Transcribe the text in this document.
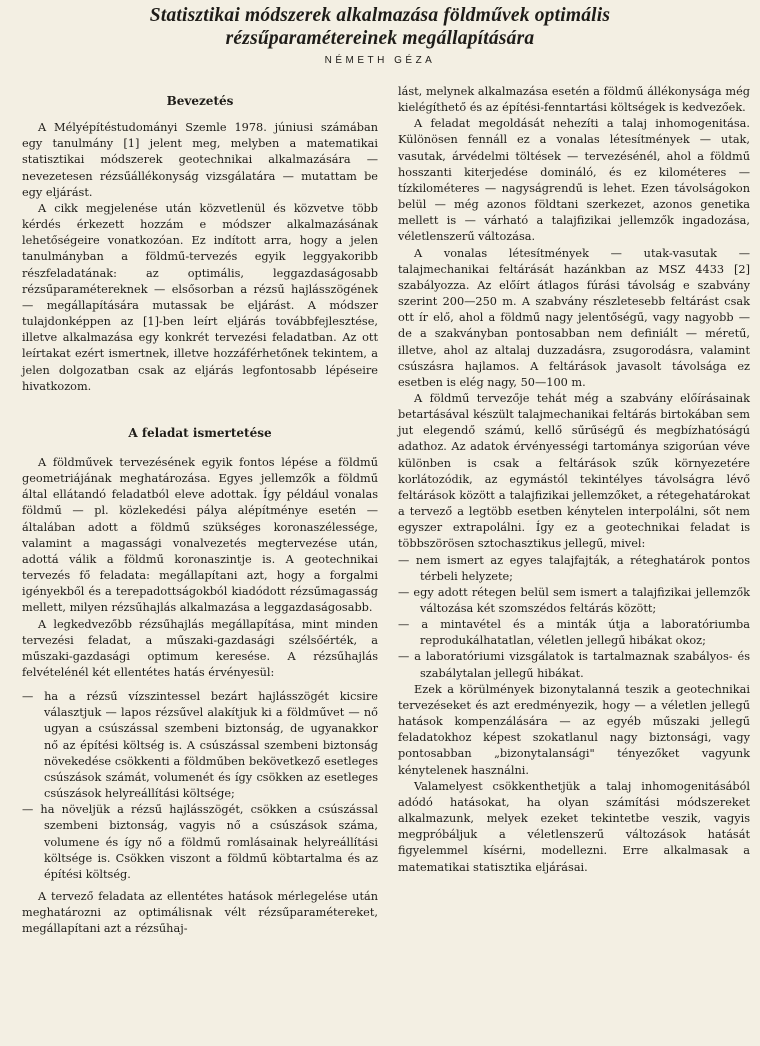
Statisztikai módszerek alkalmazása földművek optimális
rézsűparamétereinek megállapítására
NÉMETH GÉZA

Bevezetés

A Mélyépítéstudományi Szemle 1978. júniusi számában egy tanulmány [1] jelent meg, melyben a matematikai statisztikai módszerek geotechnikai alkalmazására — nevezetesen rézsűállékonyság vizsgálatára — mutattam be egy eljárást.

A cikk megjelenése után közvetlenül és közvetve több kérdés érkezett hozzám e módszer alkalmazásának lehetőségeire vonatkozóan. Ez indított arra, hogy a jelen tanulmányban a földmű-tervezés egyik leggyakoribb részfeladatának: az optimális, leggazdaságosabb rézsűparamétereknek — elsősorban a rézsű hajlásszögének — megállapítására mutassak be eljárást. A módszer tulajdonképpen az [1]-ben leírt eljárás továbbfejlesztése, illetve alkalmazása egy konkrét tervezési feladatban. Az ott leírtakat ezért ismertnek, illetve hozzáférhetőnek tekintem, a jelen dolgozatban csak az eljárás legfontosabb lépéseire hivatkozom.

A feladat ismertetése

A földművek tervezésének egyik fontos lépése a földmű geometriájának meghatározása. Egyes jellemzők a földmű által ellátandó feladatból eleve adottak. Így például vonalas földmű — pl. közlekedési pálya alépítménye esetén — általában adott a földmű szükséges koronaszélessége, valamint a magassági vonalvezetés megtervezése után, adottá válik a földmű koronaszintje is. A geotechnikai tervezés fő feladata: megállapítani azt, hogy a forgalmi igényekből és a terepadottságokból kiadódott rézsűmagasság mellett, milyen rézsűhajlás alkalmazása a leggazdaságosabb.

A legkedvezőbb rézsűhajlás megállapítása, mint minden tervezési feladat, a műszaki-gazdasági szélsőérték, a műszaki-gazdasági optimum keresése. A rézsűhajlás felvételénél két ellentétes hatás érvényesül:

— ha a rézsű vízszintessel bezárt hajlásszögét kicsire választjuk — lapos rézsűvel alakítjuk ki a földművet — nő ugyan a csúszással szembeni biztonság, de ugyanakkor nő az építési költség is. A csúszással szembeni biztonság növekedése csökkenti a földműben bekövetkező esetleges csúszások számát, volumenét és így csökken az esetleges csúszások helyreállítási költsége;

— ha növeljük a rézsű hajlásszögét, csökken a csúszással szembeni biztonság, vagyis nő a csúszások száma, volumene és így nő a földmű romlásainak helyreállítási költsége is. Csökken viszont a földmű köbtartalma és az építési költség.

A tervező feladata az ellentétes hatások mérlegelése után meghatározni az optimálisnak vélt rézsűparamétereket, megállapítani azt a rézsűhaj-

lást, melynek alkalmazása esetén a földmű állékonysága még kielégíthető és az építési-fenntartási költségek is kedvezőek.

A feladat megoldását nehezíti a talaj inhomogenitása. Különösen fennáll ez a vonalas létesítmények — utak, vasutak, árvédelmi töltések — tervezésénél, ahol a földmű hosszanti kiterjedése domináló, és ez kilométeres — tízkilométeres — nagyságrendű is lehet. Ezen távolságokon belül — még azonos földtani szerkezet, azonos genetika mellett is — várható a talajfizikai jellemzők ingadozása, véletlenszerű változása.

A vonalas létesítmények — utak-vasutak — talajmechanikai feltárását hazánkban az MSZ 4433 [2] szabályozza. Az előírt átlagos fúrási távolság e szabvány szerint 200—250 m. A szabvány részletesebb feltárást csak ott ír elő, ahol a földmű nagy jelentőségű, vagy nagyobb — de a szakványban pontosabban nem definiált — méretű, illetve, ahol az altalaj duzzadásra, zsugorodásra, valamint csúszásra hajlamos. A feltárások javasolt távolsága ez esetben is elég nagy, 50—100 m.

A földmű tervezője tehát még a szabvány előírásainak betartásával készült talajmechanikai feltárás birtokában sem jut elegendő számú, kellő sűrűségű és megbízhatóságú adathoz. Az adatok érvényességi tartománya szigorúan véve különben is csak a feltárások szűk környezetére korlátozódik, az egymástól tekintélyes távolságra lévő feltárások között a talajfizikai jellemzőket, a rétegehatárokat a tervező a legtöbb esetben kénytelen interpolálni, sőt nem egyszer extrapolálni. Így ez a geotechnikai feladat is többszörösen sztochasztikus jellegű, mivel:

— nem ismert az egyes talajfajták, a réteghatárok pontos térbeli helyzete;

— egy adott rétegen belül sem ismert a talajfizikai jellemzők változása két szomszédos feltárás között;

— a mintavétel és a minták útja a laboratóriumba reprodukálhatatlan, véletlen jellegű hibákat okoz;

— a laboratóriumi vizsgálatok is tartalmaznak szabályos- és szabálytalan jellegű hibákat.

Ezek a körülmények bizonytalanná teszik a geotechnikai tervezéseket és azt eredményezik, hogy — a véletlen jellegű hatások kompenzálására — az egyéb műszaki jellegű feladatokhoz képest szokatlanul nagy biztonsági, vagy pontosabban „bizonytalansági" tényezőket vagyunk kénytelenek használni.

Valamelyest csökkenthetjük a talaj inhomogenitásából adódó hatásokat, ha olyan számítási módszereket alkalmazunk, melyek ezeket tekintetbe veszik, vagyis megpróbáljuk a véletlenszerű változások hatását figyelemmel kísérni, modellezni. Erre alkalmasak a matematikai statisztika eljárásai.
